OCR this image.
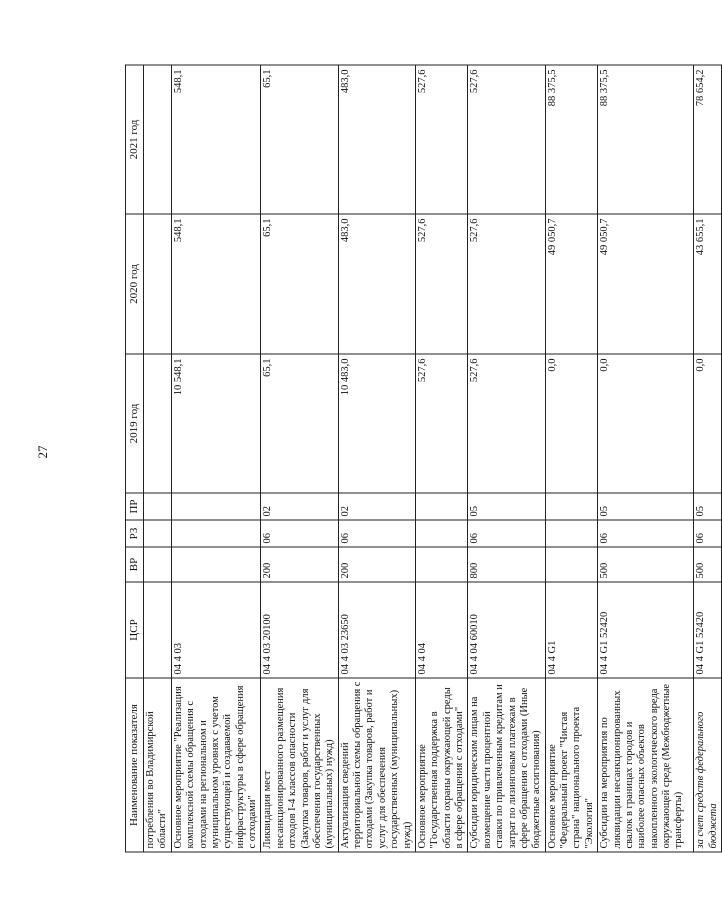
27
Наименование показателя	ЦСР	ВР	РЗ	ПР	2019 год	2020 год	2021 год
потребления во Владимирской области"							
Основное мероприятие "Реализация комплексной схемы обращения с отходами на региональном и муниципальном уровнях с учетом существующей и создаваемой инфраструктуры в сфере обращения с отходами"	04 4 03				10 548,1	548,1	548,1
Ликвидация мест несанкционированного размещения отходов I-4 классов опасности (Закупка товаров, работ и услуг для обеспечения государственных (муниципальных) нужд)	04 4 03 20100	200	06	02	65,1	65,1	65,1
Актуализация сведений территориальной схемы обращения с отходами (Закупка товаров, работ и услуг для обеспечения государственных (муниципальных) нужд)	04 4 03 23650	200	06	02	10 483,0	483,0	483,0
Основное мероприятие "Государственная поддержка в области охраны окружающей среды в сфере обращения с отходами"	04 4 04				527,6	527,6	527,6
Субсидии юридическим лицам на возмещение части процентной ставки по привлеченным кредитам и затрат по лизинговым платежам в сфере обращения с отходами (Иные бюджетные ассигнования)	04 4 04 60010	800	06	05	527,6	527,6	527,6
Основное мероприятие "Федеральный проект "Чистая страна" национального проекта "Экология"	04 4 G1				0,0	49 050,7	88 375,5
Субсидии на мероприятия по ликвидации несанкционированных свалок в границах городов и наиболее опасных объектов накопленного экологического вреда окружающей среде (Межбюджетные трансферты)	04 4 G1 52420	500	06	05	0,0	49 050,7	88 375,5
за счет средств федерального бюджета	04 4 G1 52420	500	06	05	0,0	43 655,1	78 654,2
